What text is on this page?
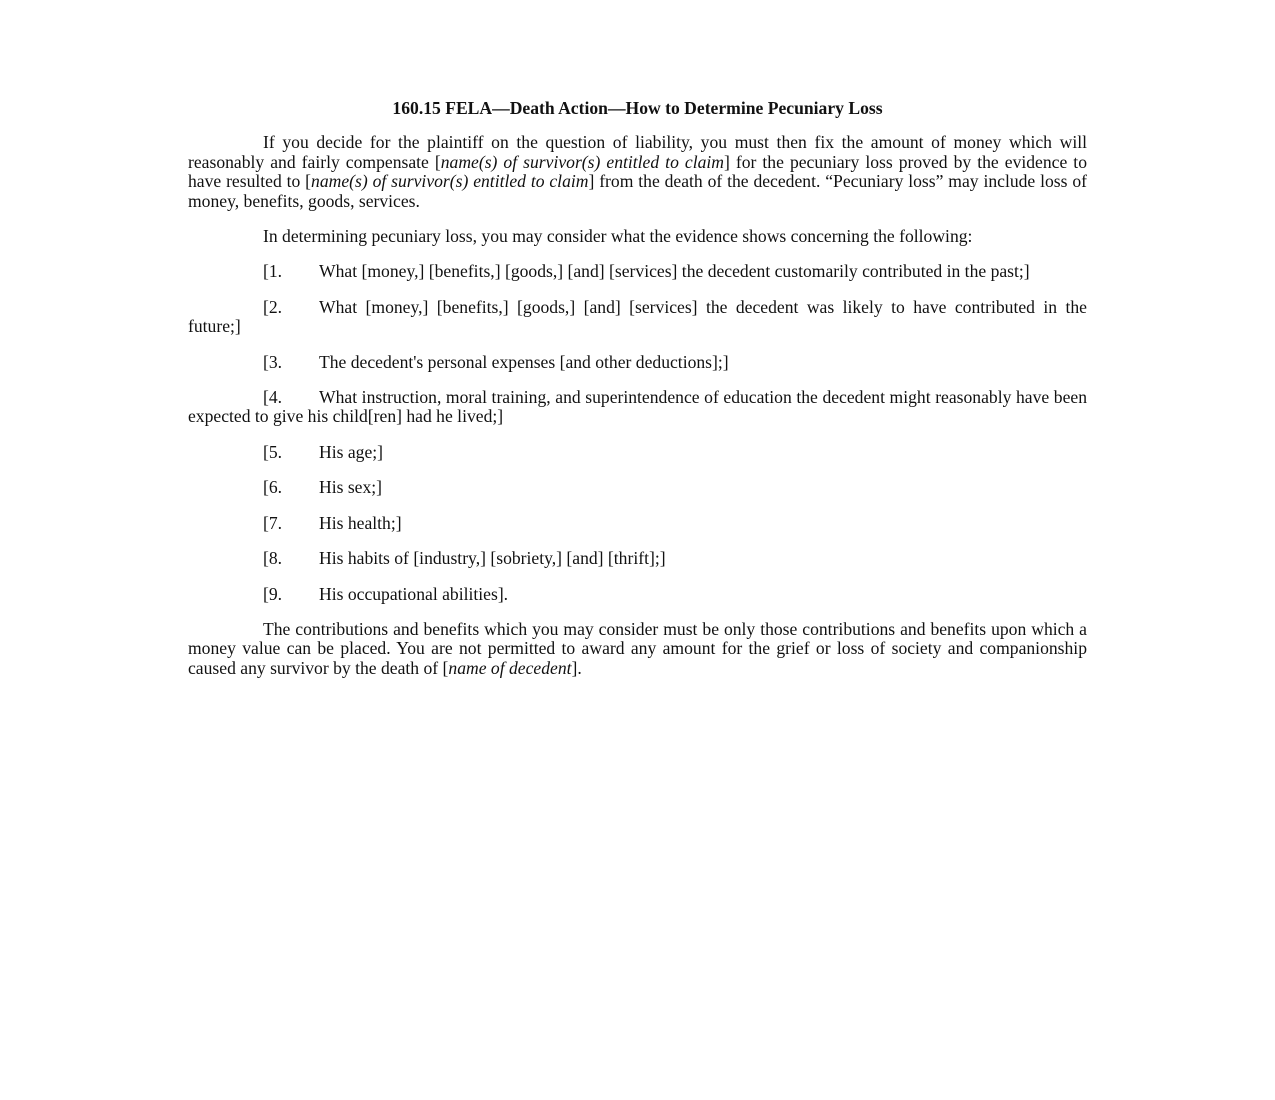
160.15 FELA—Death Action—How to Determine Pecuniary Loss

If you decide for the plaintiff on the question of liability, you must then fix the amount of money which will reasonably and fairly compensate [name(s) of survivor(s) entitled to claim] for the pecuniary loss proved by the evidence to have resulted to [name(s) of survivor(s) entitled to claim] from the death of the decedent. “Pecuniary loss” may include loss of money, benefits, goods, services.

In determining pecuniary loss, you may consider what the evidence shows concerning the following:

[1. What [money,] [benefits,] [goods,] [and] [services] the decedent customarily contributed in the past;]
[2. What [money,] [benefits,] [goods,] [and] [services] the decedent was likely to have contributed in the future;]
[3. The decedent's personal expenses [and other deductions];]
[4. What instruction, moral training, and superintendence of education the decedent might reasonably have been expected to give his child[ren] had he lived;]
[5. His age;]
[6. His sex;]
[7. His health;]
[8. His habits of [industry,] [sobriety,] [and] [thrift];]
[9. His occupational abilities].

The contributions and benefits which you may consider must be only those contributions and benefits upon which a money value can be placed. You are not permitted to award any amount for the grief or loss of society and companionship caused any survivor by the death of [name of decedent].
